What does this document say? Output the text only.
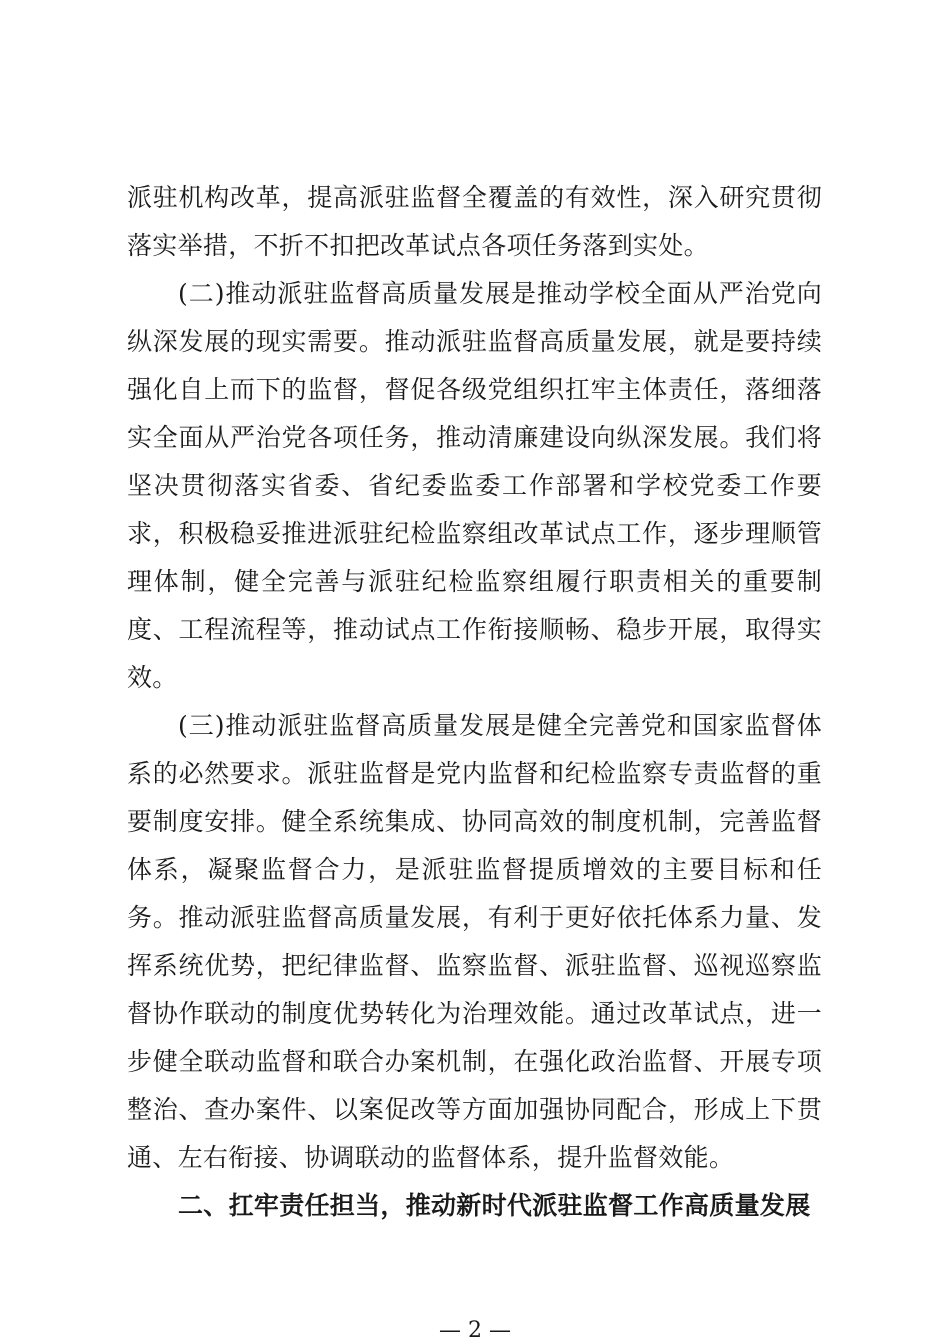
派驻机构改革，提高派驻监督全覆盖的有效性，深入研究贯彻落实举措，不折不扣把改革试点各项任务落到实处。

(二)推动派驻监督高质量发展是推动学校全面从严治党向纵深发展的现实需要。推动派驻监督高质量发展，就是要持续强化自上而下的监督，督促各级党组织扛牢主体责任，落细落实全面从严治党各项任务，推动清廉建设向纵深发展。我们将坚决贯彻落实省委、省纪委监委工作部署和学校党委工作要求，积极稳妥推进派驻纪检监察组改革试点工作，逐步理顺管理体制，健全完善与派驻纪检监察组履行职责相关的重要制度、工程流程等，推动试点工作衔接顺畅、稳步开展，取得实效。

(三)推动派驻监督高质量发展是健全完善党和国家监督体系的必然要求。派驻监督是党内监督和纪检监察专责监督的重要制度安排。健全系统集成、协同高效的制度机制，完善监督体系，凝聚监督合力，是派驻监督提质增效的主要目标和任务。推动派驻监督高质量发展，有利于更好依托体系力量、发挥系统优势，把纪律监督、监察监督、派驻监督、巡视巡察监督协作联动的制度优势转化为治理效能。通过改革试点，进一步健全联动监督和联合办案机制，在强化政治监督、开展专项整治、查办案件、以案促改等方面加强协同配合，形成上下贯通、左右衔接、协调联动的监督体系，提升监督效能。

二、扛牢责任担当，推动新时代派驻监督工作高质量发展

— 2 —
